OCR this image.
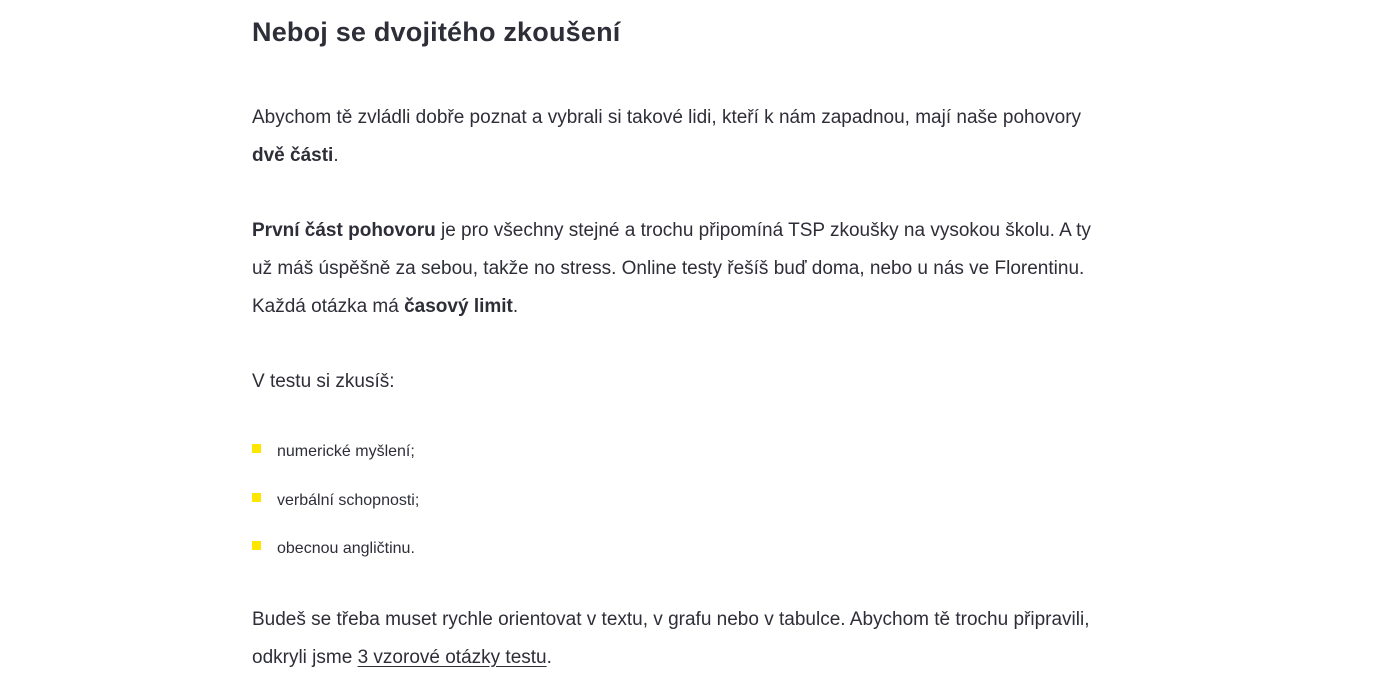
Neboj se dvojitého zkoušení

Abychom tě zvládli dobře poznat a vybrali si takové lidi, kteří k nám zapadnou, mají naše pohovory dvě části.

První část pohovoru je pro všechny stejné a trochu připomíná TSP zkoušky na vysokou školu. A ty už máš úspěšně za sebou, takže no stress. Online testy řešíš buď doma, nebo u nás ve Florentinu. Každá otázka má časový limit.

V testu si zkusíš:

numerické myšlení;
verbální schopnosti;
obecnou angličtinu.

Budeš se třeba muset rychle orientovat v textu, v grafu nebo v tabulce. Abychom tě trochu připravili, odkryli jsme 3 vzorové otázky testu.
